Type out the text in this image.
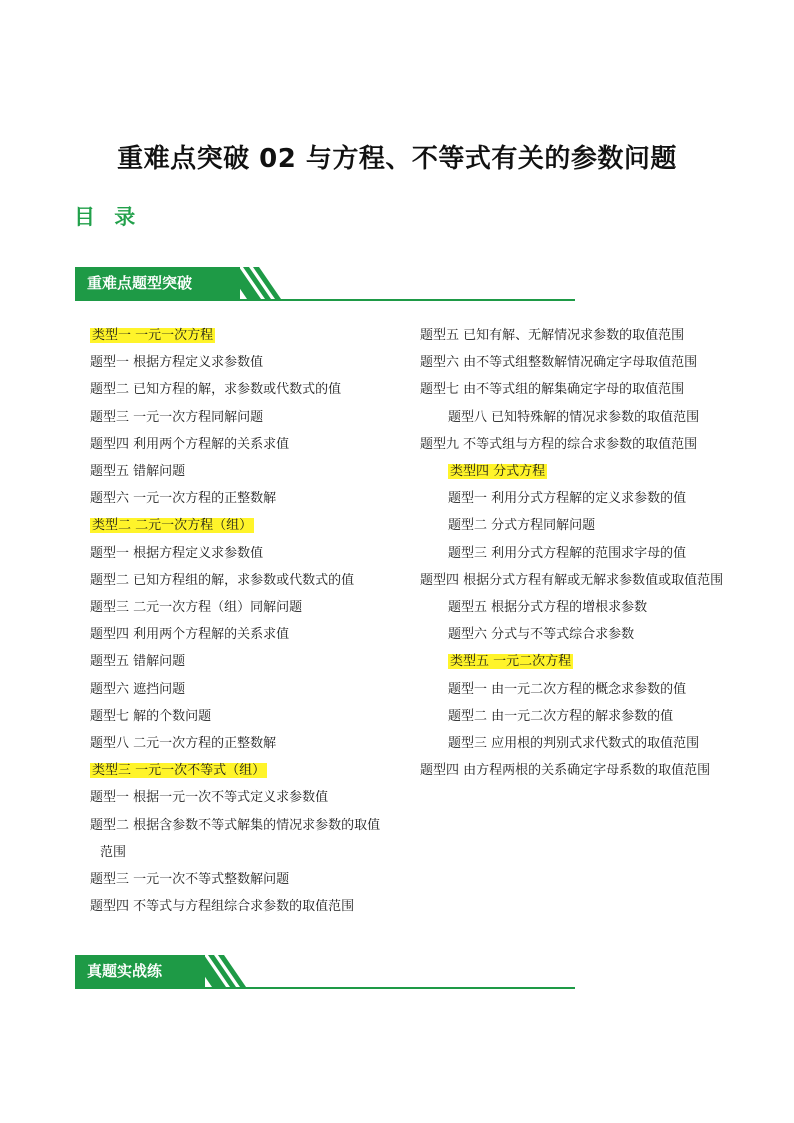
重难点突破 02 与方程、不等式有关的参数问题
目 录
重难点题型突破
类型一 一元一次方程
题型一 根据方程定义求参数值
题型二 已知方程的解，求参数或代数式的值
题型三 一元一次方程同解问题
题型四 利用两个方程解的关系求值
题型五 错解问题
题型六 一元一次方程的正整数解
类型二 二元一次方程（组）
题型一 根据方程定义求参数值
题型二 已知方程组的解，求参数或代数式的值
题型三 二元一次方程（组）同解问题
题型四 利用两个方程解的关系求值
题型五 错解问题
题型六 遮挡问题
题型七 解的个数问题
题型八 二元一次方程的正整数解
类型三 一元一次不等式（组）
题型一 根据一元一次不等式定义求参数值
题型二 根据含参数不等式解集的情况求参数的取值范围
题型三 一元一次不等式整数解问题
题型四 不等式与方程组综合求参数的取值范围
题型五 已知有解、无解情况求参数的取值范围
题型六 由不等式组整数解情况确定字母取值范围
题型七 由不等式组的解集确定字母的取值范围
题型八 已知特殊解的情况求参数的取值范围
题型九 不等式组与方程的综合求参数的取值范围
类型四 分式方程
题型一 利用分式方程解的定义求参数的值
题型二 分式方程同解问题
题型三 利用分式方程解的范围求字母的值
题型四 根据分式方程有解或无解求参数值或取值范围
题型五 根据分式方程的增根求参数
题型六 分式与不等式综合求参数
类型五 一元二次方程
题型一 由一元二次方程的概念求参数的值
题型二 由一元二次方程的解求参数的值
题型三 应用根的判别式求代数式的取值范围
题型四 由方程两根的关系确定字母系数的取值范围
真题实战练
